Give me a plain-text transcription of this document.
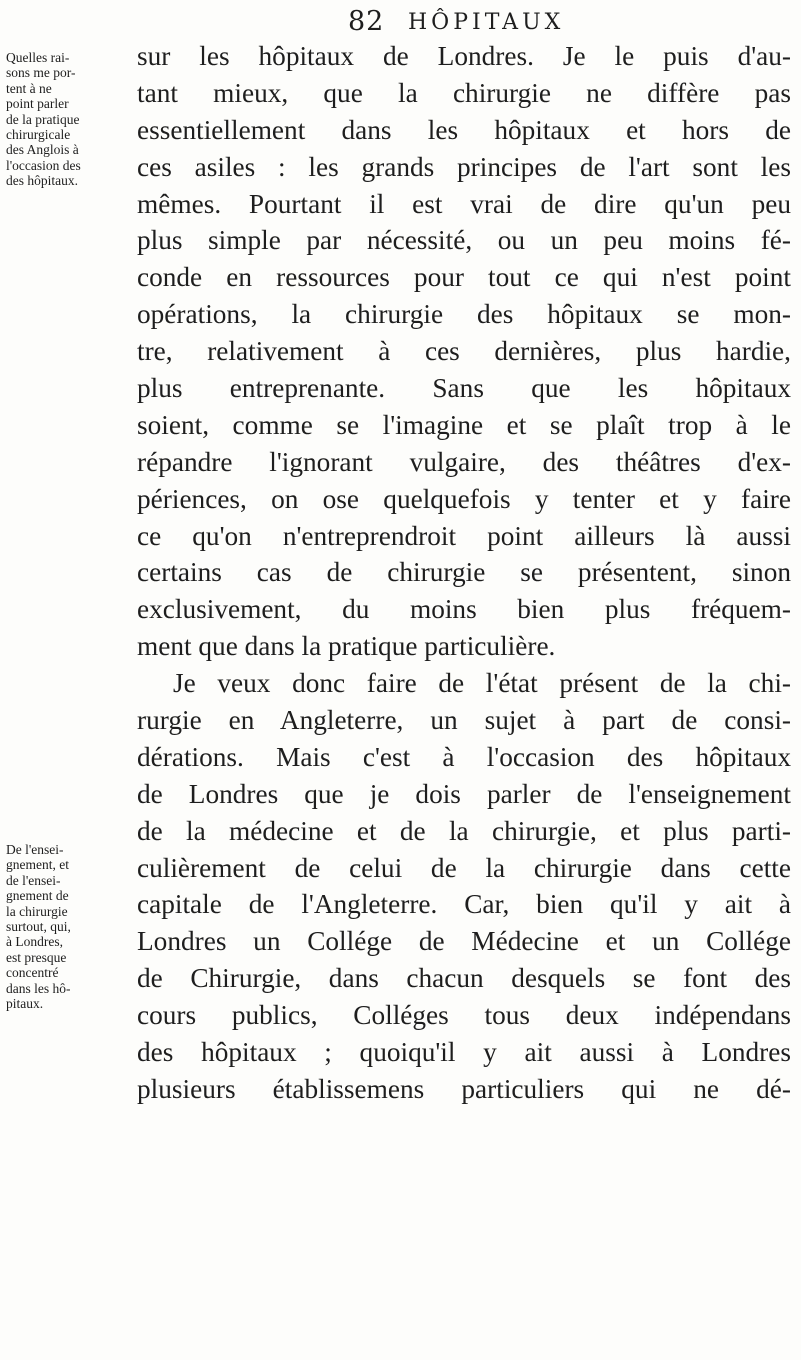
82 HÔPITAUX
Quelles rai-
sons me por-
tent à ne
point parler
de la pratique
chirurgicale
des Anglois à
l'occasion des
des hôpitaux.
De l'ensei-
gnement, et
de l'ensei-
gnement de
la chirurgie
surtout, qui,
à Londres,
est presque
concentré
dans les hô-
pitaux.
sur les hôpitaux de Londres. Je le puis d'au-
tant mieux, que la chirurgie ne diffère pas
essentiellement dans les hôpitaux et hors de
ces asiles : les grands principes de l'art sont les
mêmes. Pourtant il est vrai de dire qu'un peu
plus simple par nécessité, ou un peu moins fé-
conde en ressources pour tout ce qui n'est point
opérations, la chirurgie des hôpitaux se mon-
tre, relativement à ces dernières, plus hardie,
plus entreprenante. Sans que les hôpitaux
soient, comme se l'imagine et se plaît trop à le
répandre l'ignorant vulgaire, des théâtres d'ex-
périences, on ose quelquefois y tenter et y faire
ce qu'on n'entreprendroit point ailleurs là aussi
certains cas de chirurgie se présentent, sinon
exclusivement, du moins bien plus fréquem-
ment que dans la pratique particulière.
Je veux donc faire de l'état présent de la chi-
rurgie en Angleterre, un sujet à part de consi-
dérations. Mais c'est à l'occasion des hôpitaux
de Londres que je dois parler de l'enseignement
de la médecine et de la chirurgie, et plus parti-
culièrement de celui de la chirurgie dans cette
capitale de l'Angleterre. Car, bien qu'il y ait à
Londres un Collége de Médecine et un Collége
de Chirurgie, dans chacun desquels se font des
cours publics, Colléges tous deux indépendans
des hôpitaux ; quoiqu'il y ait aussi à Londres
plusieurs établissemens particuliers qui ne dé-
